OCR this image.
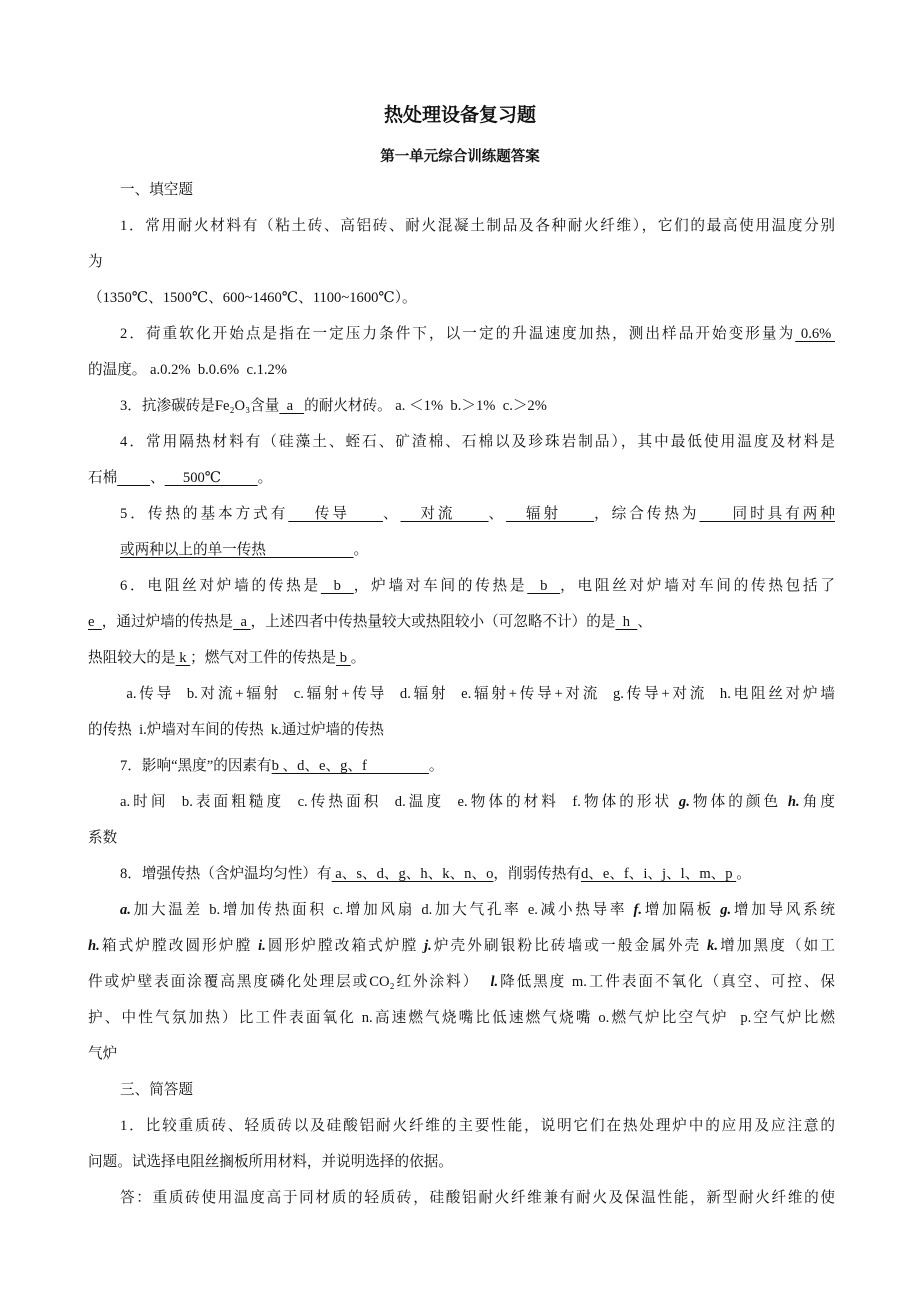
热处理设备复习题
第一单元综合训练题答案
一、填空题
1．常用耐火材料有（粘土砖、高铝砖、耐火混凝土制品及各种耐火纤维），它们的最高使用温度分别
为
（1350℃、1500℃、600~1460℃、1100~1600℃）。
2．荷重软化开始点是指在一定压力条件下，以一定的升温速度加热，测出样品开始变形量为 0.6%
的温度。 a.0.2%  b.0.6%  c.1.2%
3．抗渗碳砖是Fe₂O₃含量  a   的耐火材砖。 a. ＜1%  b.＞1%  c.＞2%
4．常用隔热材料有（硅藻土、蛭石、矿渣棉、石棉以及珍珠岩制品），其中最低使用温度及材料是
石棉 、     500℃          。
5．传热的基本方式有    传导     、   对流     、   辐射     ，综合传热为     同时具有两种
或两种以上的单一传热                        。
6．电阻丝对炉墙的传热是  b  ，炉墙对车间的传热是  b  ，电阻丝对炉墙对车间的传热包括了
e  ，通过炉墙的传热是  a ，上述四者中传热量较大或热阻较小（可忽略不计）的是  h  、
热阻较大的是 k ；燃气对工件的传热是 b 。
a.传导  b.对流+辐射  c.辐射+传导  d.辐射  e.辐射+传导+对流  g.传导+对流  h.电阻丝对炉墙
的传热  i.炉墙对车间的传热  k.通过炉墙的传热
7．影响“黑度”的因素有b 、d、e、g、f                 。
a.时间  b.表面粗糙度  c.传热面积  d.温度  e.物体的材料  f.物体的形状 g.物体的颜色 h.角度
系数
8．增强传热（含炉温均匀性）有 a、s、d、g、h、k、n、o，削弱传热有d、e、f、i、j、l、m、p 。
a.加大温差 b.增加传热面积 c.增加风扇 d.加大气孔率 e.减小热导率 f.增加隔板 g.增加导风系统
h.箱式炉膛改圆形炉膛 i.圆形炉膛改箱式炉膛 j.炉壳外刷银粉比砖墙或一般金属外壳 k.增加黑度（如工
件或炉壁表面涂覆高黑度磷化处理层或CO₂红外涂料）  l.降低黑度 m.工件表面不氧化（真空、可控、保
护、中性气氛加热）比工件表面氧化 n.高速燃气烧嘴比低速燃气烧嘴 o.燃气炉比空气炉  p.空气炉比燃
气炉
三、简答题
1．比较重质砖、轻质砖以及硅酸铝耐火纤维的主要性能，说明它们在热处理炉中的应用及应注意的
问题。试选择电阻丝搁板所用材料，并说明选择的依据。
答：重质砖使用温度高于同材质的轻质砖，硅酸铝耐火纤维兼有耐火及保温性能，新型耐火纤维的使
